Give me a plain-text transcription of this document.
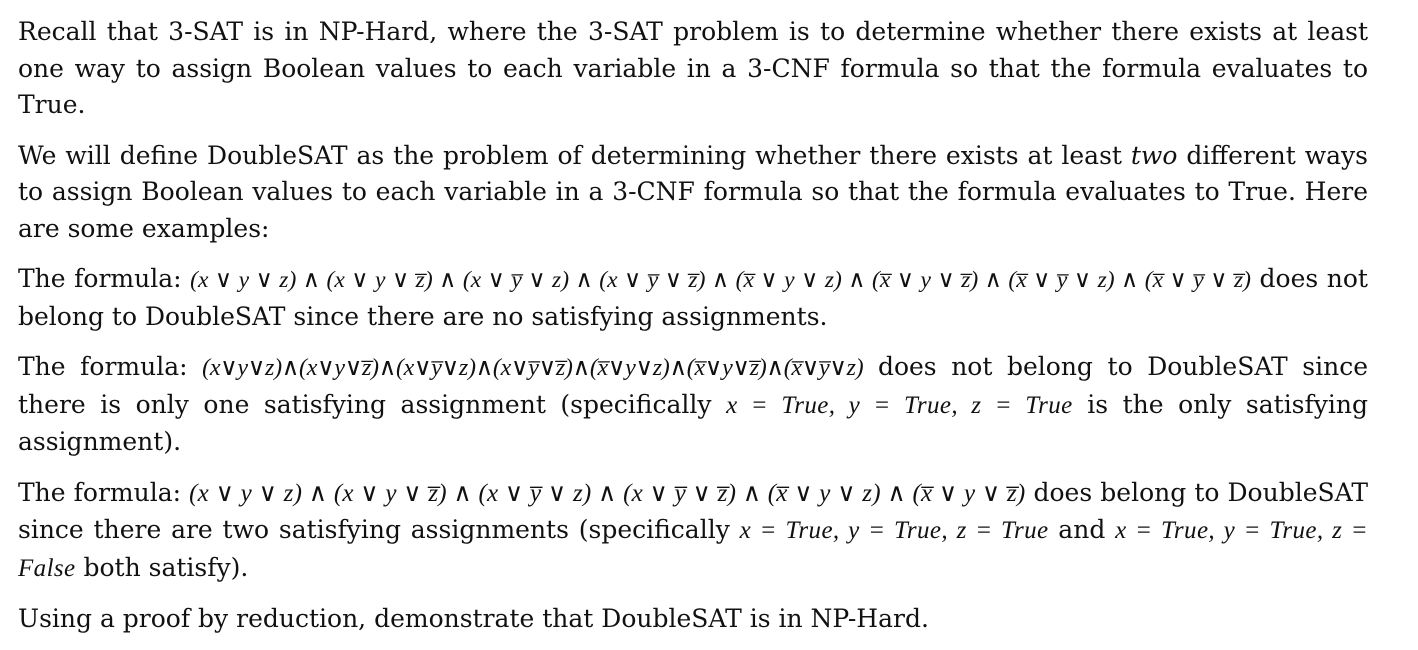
Recall that 3-SAT is in NP-Hard, where the 3-SAT problem is to determine whether there exists at least one way to assign Boolean values to each variable in a 3-CNF formula so that the formula evaluates to True.

We will define DoubleSAT as the problem of determining whether there exists at least two different ways to assign Boolean values to each variable in a 3-CNF formula so that the formula evaluates to True. Here are some examples:

The formula: (x ∨ y ∨ z) ∧ (x ∨ y ∨ z̅) ∧ (x ∨ y̅ ∨ z) ∧ (x ∨ y̅ ∨ z̅) ∧ (x̅ ∨ y ∨ z) ∧ (x̅ ∨ y ∨ z̅) ∧ (x̅ ∨ y̅ ∨ z) ∧ (x̅ ∨ y̅ ∨ z̅) does not belong to DoubleSAT since there are no satisfying assignments.

The formula: (x∨y∨z)∧(x∨y∨z̅)∧(x∨y̅∨z)∧(x∨y̅∨z̅)∧(x̅∨y∨z)∧(x̅∨y∨z̅)∧(x̅∨y̅∨z) does not belong to DoubleSAT since there is only one satisfying assignment (specifically x = True, y = True, z = True is the only satisfying assignment).

The formula: (x ∨ y ∨ z) ∧ (x ∨ y ∨ z̅) ∧ (x ∨ y̅ ∨ z) ∧ (x ∨ y̅ ∨ z̅) ∧ (x̅ ∨ y ∨ z) ∧ (x̅ ∨ y ∨ z̅) does belong to DoubleSAT since there are two satisfying assignments (specifically x = True, y = True, z = True and x = True, y = True, z = False both satisfy).

Using a proof by reduction, demonstrate that DoubleSAT is in NP-Hard.
